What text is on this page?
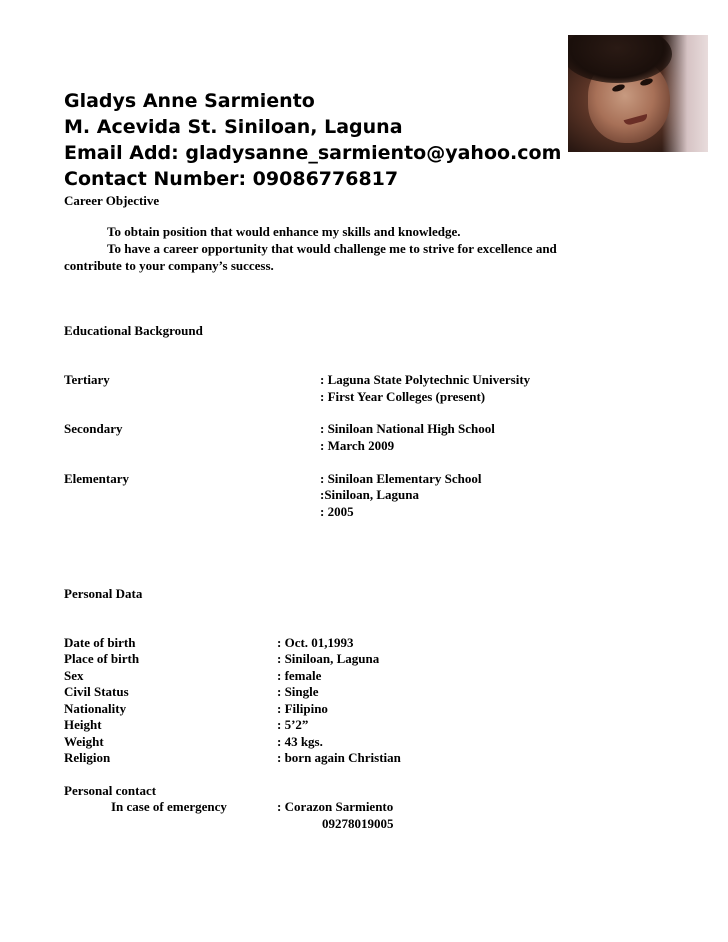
Gladys Anne Sarmiento
M. Acevida St. Siniloan, Laguna
Email Add: gladysanne_sarmiento@yahoo.com
Contact Number: 09086776817
Career Objective
To obtain position that would enhance my skills and knowledge.
To have a career opportunity that would challenge me to strive for excellence and
contribute to your company’s success.
Educational Background
Tertiary	: Laguna State Polytechnic University
: First Year Colleges (present)
Secondary	: Siniloan National High School
: March 2009
Elementary	: Siniloan Elementary School
:Siniloan, Laguna
: 2005
Personal Data
Date of birth	: Oct. 01,1993
Place of birth	: Siniloan, Laguna
Sex	: female
Civil Status	: Single
Nationality	: Filipino
Height	: 5’2”
Weight	: 43 kgs.
Religion	: born again Christian
Personal contact
In case of emergency	: Corazon Sarmiento
09278019005
